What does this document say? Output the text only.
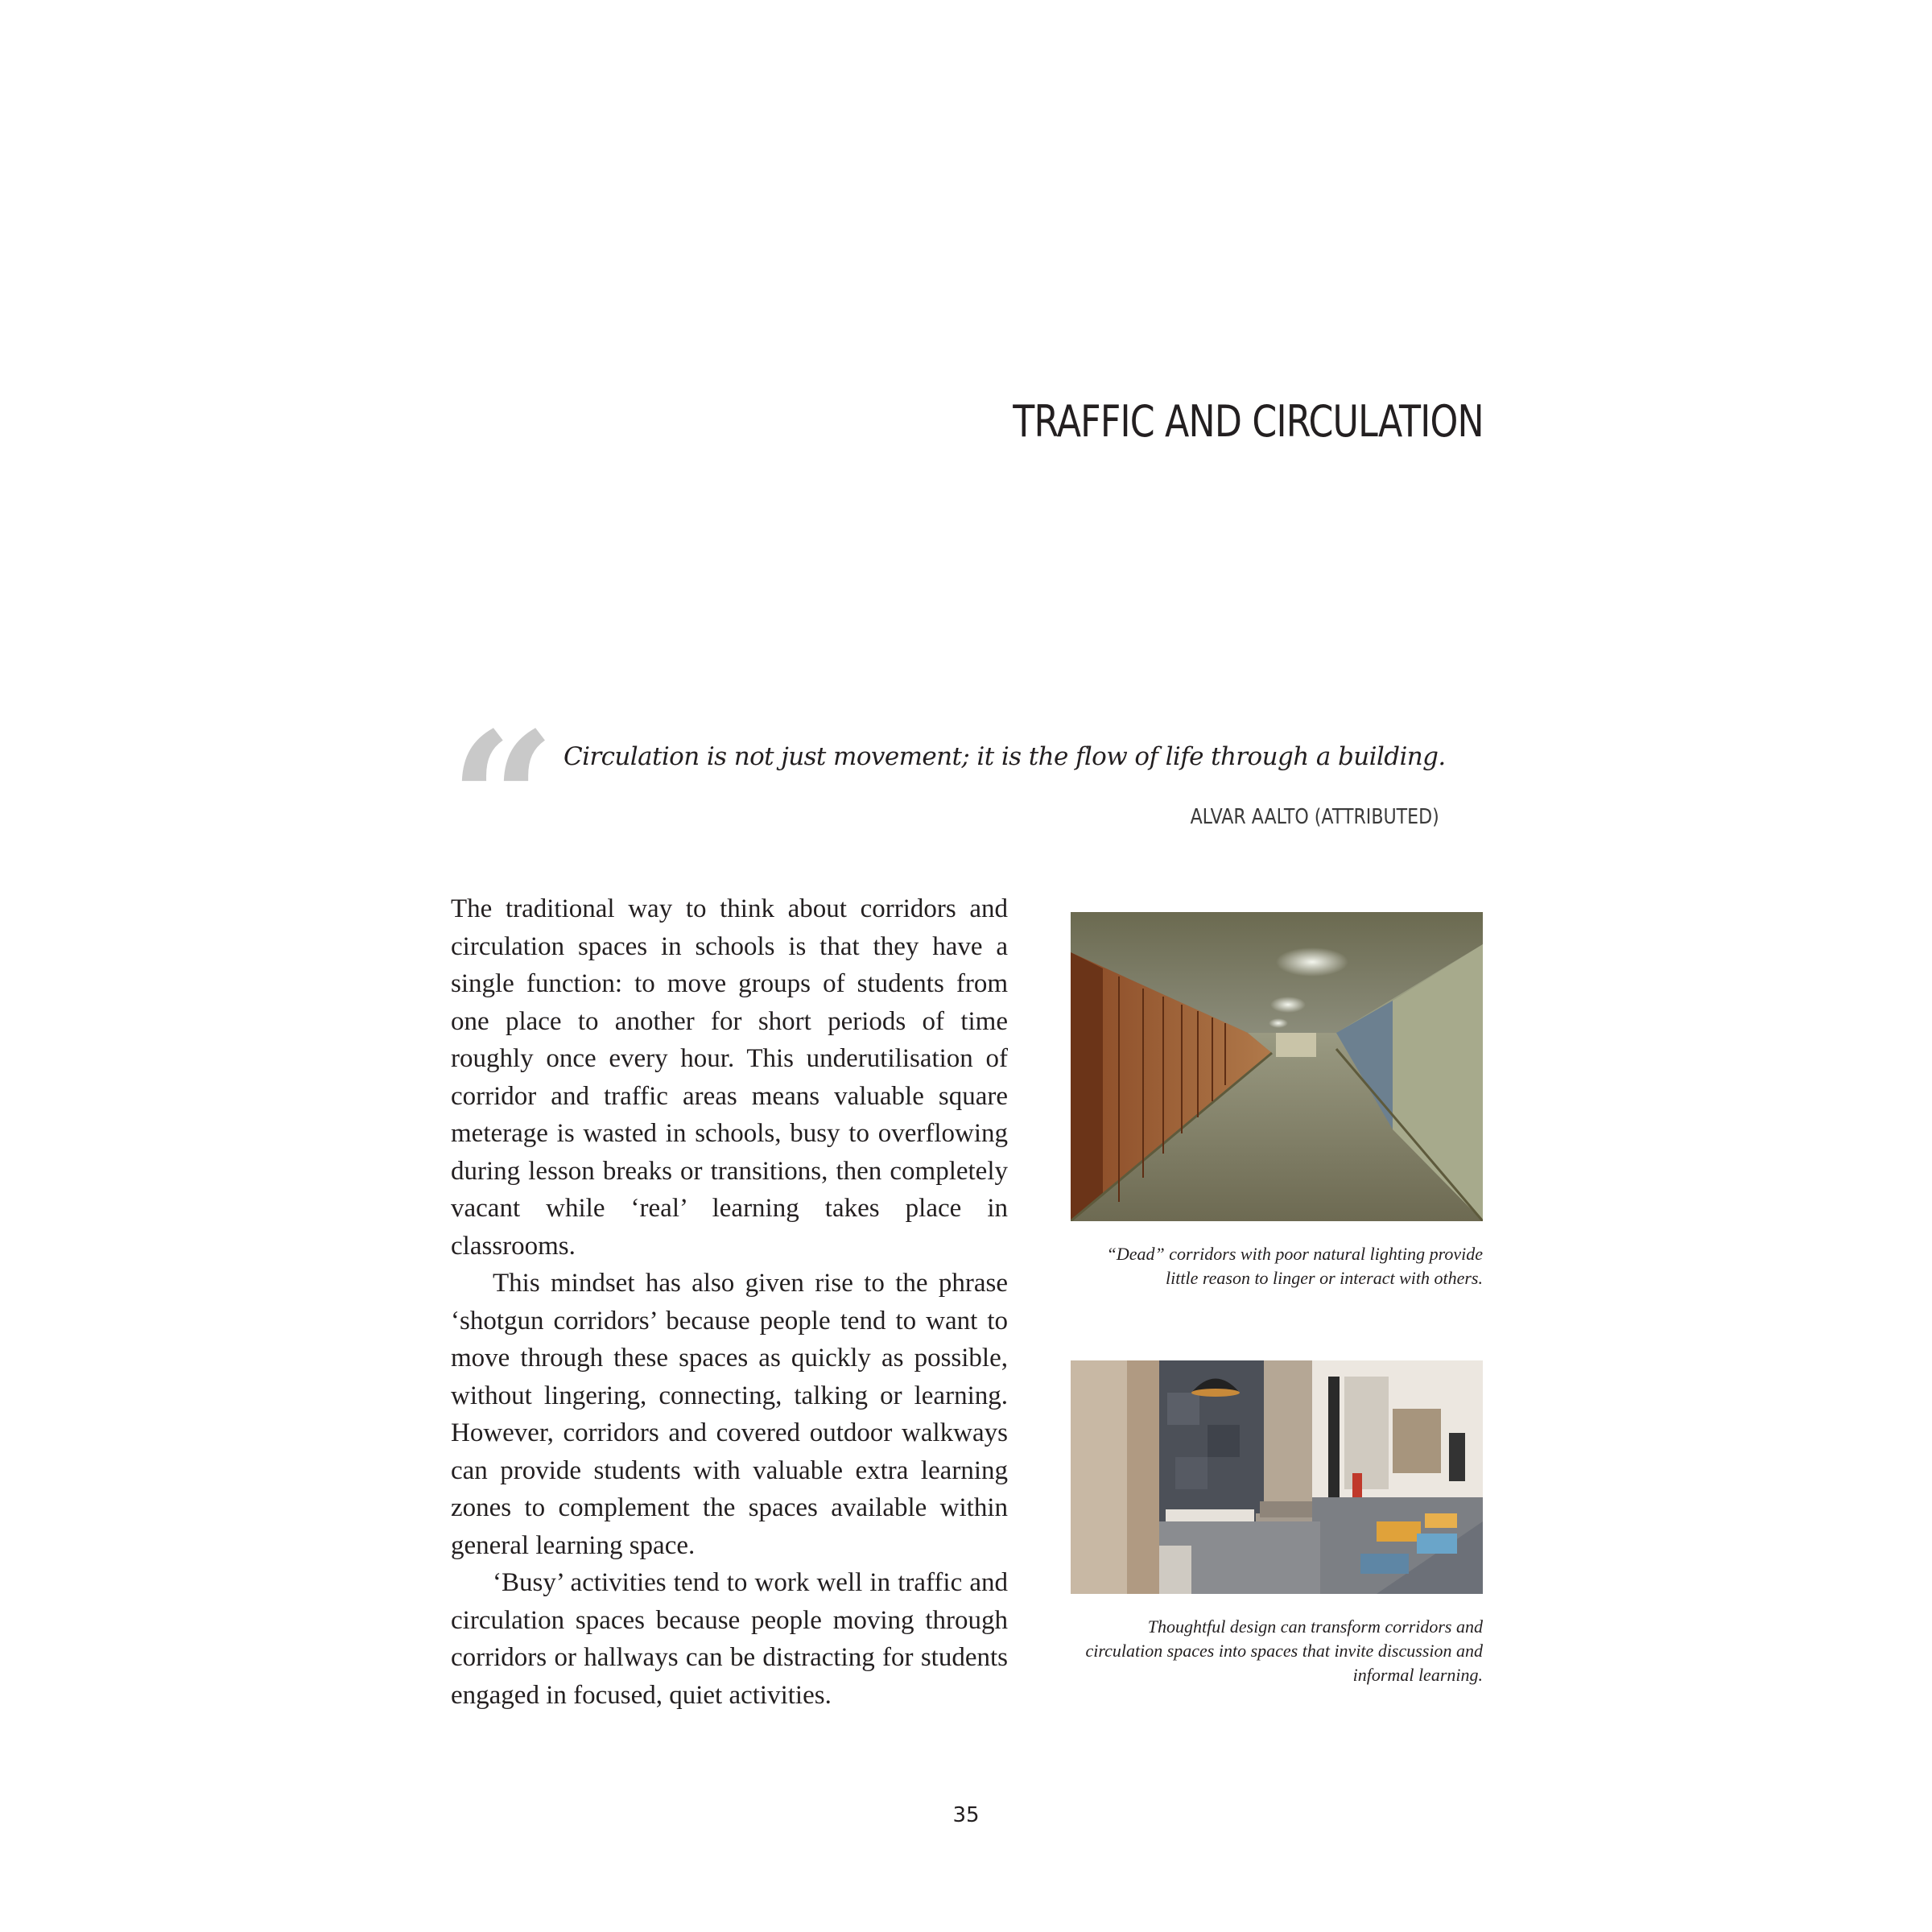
TRAFFIC AND CIRCULATION
“ Circulation is not just movement; it is the flow of life through a building.
ALVAR AALTO (ATTRIBUTED)

The traditional way to think about corridors and circulation spaces in schools is that they have a single function: to move groups of students from one place to another for short periods of time roughly once every hour. This underutilisation of corridor and traffic areas means valuable square meterage is wasted in schools, busy to overflowing during lesson breaks or transitions, then completely vacant while ‘real’ learning takes place in classrooms.

This mindset has also given rise to the phrase ‘shotgun corridors’ because people tend to want to move through these spaces as quickly as possible, without lingering, connecting, talking or learning. However, corridors and covered outdoor walkways can provide students with valuable extra learning zones to complement the spaces available within general learning space.

‘Busy’ activities tend to work well in traffic and circulation spaces because people moving through corridors or hallways can be distracting for students engaged in focused, quiet activities.

“Dead” corridors with poor natural lighting provide little reason to linger or interact with others.
Thoughtful design can transform corridors and circulation spaces into spaces that invite discussion and informal learning.
35
